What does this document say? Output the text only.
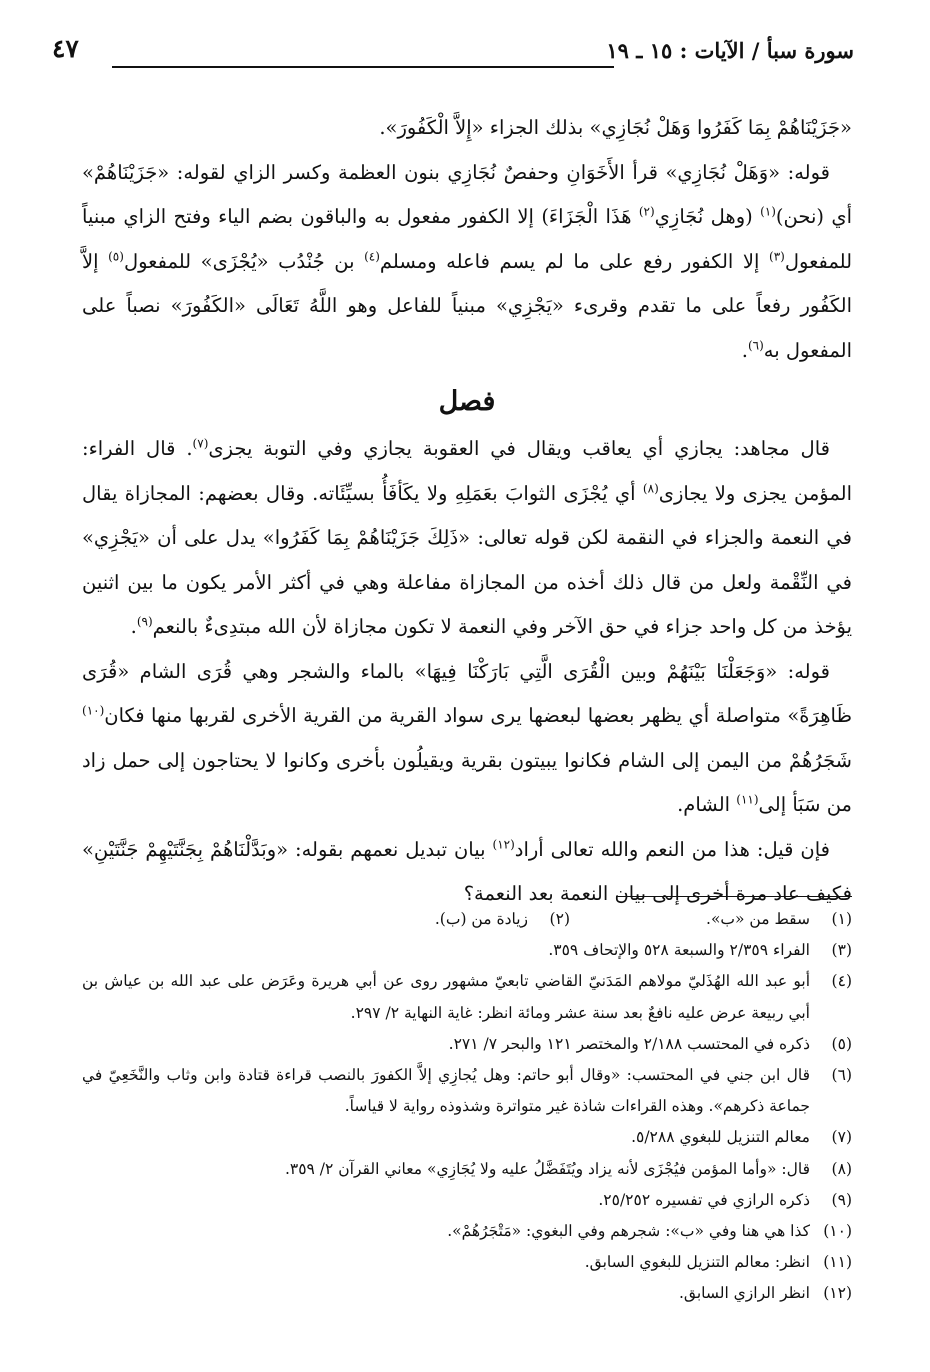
سورة سبأ / الآيات : ١٥ ـ ١٩
٤٧

«جَزَيْنَاهُمْ بِمَا كَفَرُوا وَهَلْ نُجَازِي» بذلك الجزاء «إِلاَّ الْكَفُورَ».

قوله: «وَهَلْ نُجَازِي» قرأ الأَخَوَانِ وحفصٌ نُجَازِي بنون العظمة وكسر الزاي لقوله: «جَزَيْنَاهُمْ» أي (نحن)$^{(١)}$ (وهل نُجَازِي$^{(٢)}$ هَذَا الْجَزَاءَ) إلا الكفور مفعول به والباقون بضم الياء وفتح الزاي مبنياً للمفعول$^{(٣)}$ إلا الكفور رفع على ما لم يسم فاعله ومسلم$^{(٤)}$ بن جُنْدُب «يُجْزَى» للمفعول$^{(٥)}$ إلاَّ الكَفُور رفعاً على ما تقدم وقرىء «يَجْزِي» مبنياً للفاعل وهو اللَّهُ تَعَالَى «الكَفُورَ» نصباً على المفعول به$^{(٦)}$.

فصل

قال مجاهد: يجازي أي يعاقب ويقال في العقوبة يجازي وفي التوبة يجزى$^{(٧)}$. قال الفراء: المؤمن يجزى ولا يجازى$^{(٨)}$ أي يُجْزَى الثوابَ بعَمَلِهِ ولا يكَأفَأُ بسيِّئَاته. وقال بعضهم: المجازاة يقال في النعمة والجزاء في النقمة لكن قوله تعالى: «ذَلِكَ جَزَيْنَاهُمْ بِمَا كَفَرُوا» يدل على أن «يَجْزِي» في النِّقْمة ولعل من قال ذلك أخذه من المجازاة مفاعلة وهي في أكثر الأمر يكون ما بين اثنين يؤخذ من كل واحد جزاء في حق الآخر وفي النعمة لا تكون مجازاة لأن الله مبتدِىءٌ بالنعم$^{(٩)}$.

قوله: «وَجَعَلْنَا بَيْنَهُمْ وبين الْقُرَى الَّتِي بَارَكْنَا فِيهَا» بالماء والشجر وهي قُرَى الشام «قُرَى ظَاهِرَةً» متواصلة أي يظهر بعضها لبعضها يرى سواد القرية من القرية الأخرى لقربها منها فكان$^{(١٠)}$ شَجَرُهُمْ من اليمن إلى الشام فكانوا يبيتون بقرية ويقيلُون بأخرى وكانوا لا يحتاجون إلى حمل زاد من سَبَأ إلى$^{(١١)}$ الشام.

فإن قيل: هذا من النعم والله تعالى أراد$^{(١٢)}$ بيان تبديل نعمهم بقوله: «وبَدَّلْنَاهُمْ بِجَنَّتَيْهِمْ جَنَّتَيْنِ» فكيف عاد مرة أخرى إلى بيان النعمة بعد النعمة؟

(١)
سقط من «ب».
(٢)
زيادة من (ب).
(٣)
الفراء ٢/٣٥٩ والسبعة ٥٢٨ والإتحاف ٣٥٩.
(٤)
أبو عبد الله الهُذَليّ مولاهم المَدَنيّ القاضي تابعيّ مشهور روى عن أبي هريرة وعَرَض على عبد الله بن عياش بن أبي ربيعة عرض عليه نافعٌ بعد سنة عشر ومائة انظر: غاية النهاية ٢/ ٢٩٧.
(٥)
ذكره في المحتسب ٢/١٨٨ والمختصر ١٢١ والبحر ٧/ ٢٧١.
(٦)
قال ابن جني في المحتسب: «وقال أبو حاتم: وهل يُجازِي إلاَّ الكفورَ بالنصب قراءة قتادة وابن وثاب والنَّخَعِيّ في جماعة ذكرهم». وهذه القراءات شاذة غير متواترة وشذوذه رواية لا قياساً.
(٧)
معالم التنزيل للبغوي ٥/٢٨٨.
(٨)
قال: «وأما المؤمن فيُجْزَى لأنه يزاد ويُتَفَضَّلُ عليه ولا يُجَازِي» معاني القرآن ٢/ ٣٥٩.
(٩)
ذكره الرازي في تفسيره ٢٥/٢٥٢.
(١٠)
كذا هي هنا وفي «ب»: شجرهم وفي البغوي: «مَتْجَرُهُمْ».
(١١)
انظر: معالم التنزيل للبغوي السابق.
(١٢)
انظر الرازي السابق.
